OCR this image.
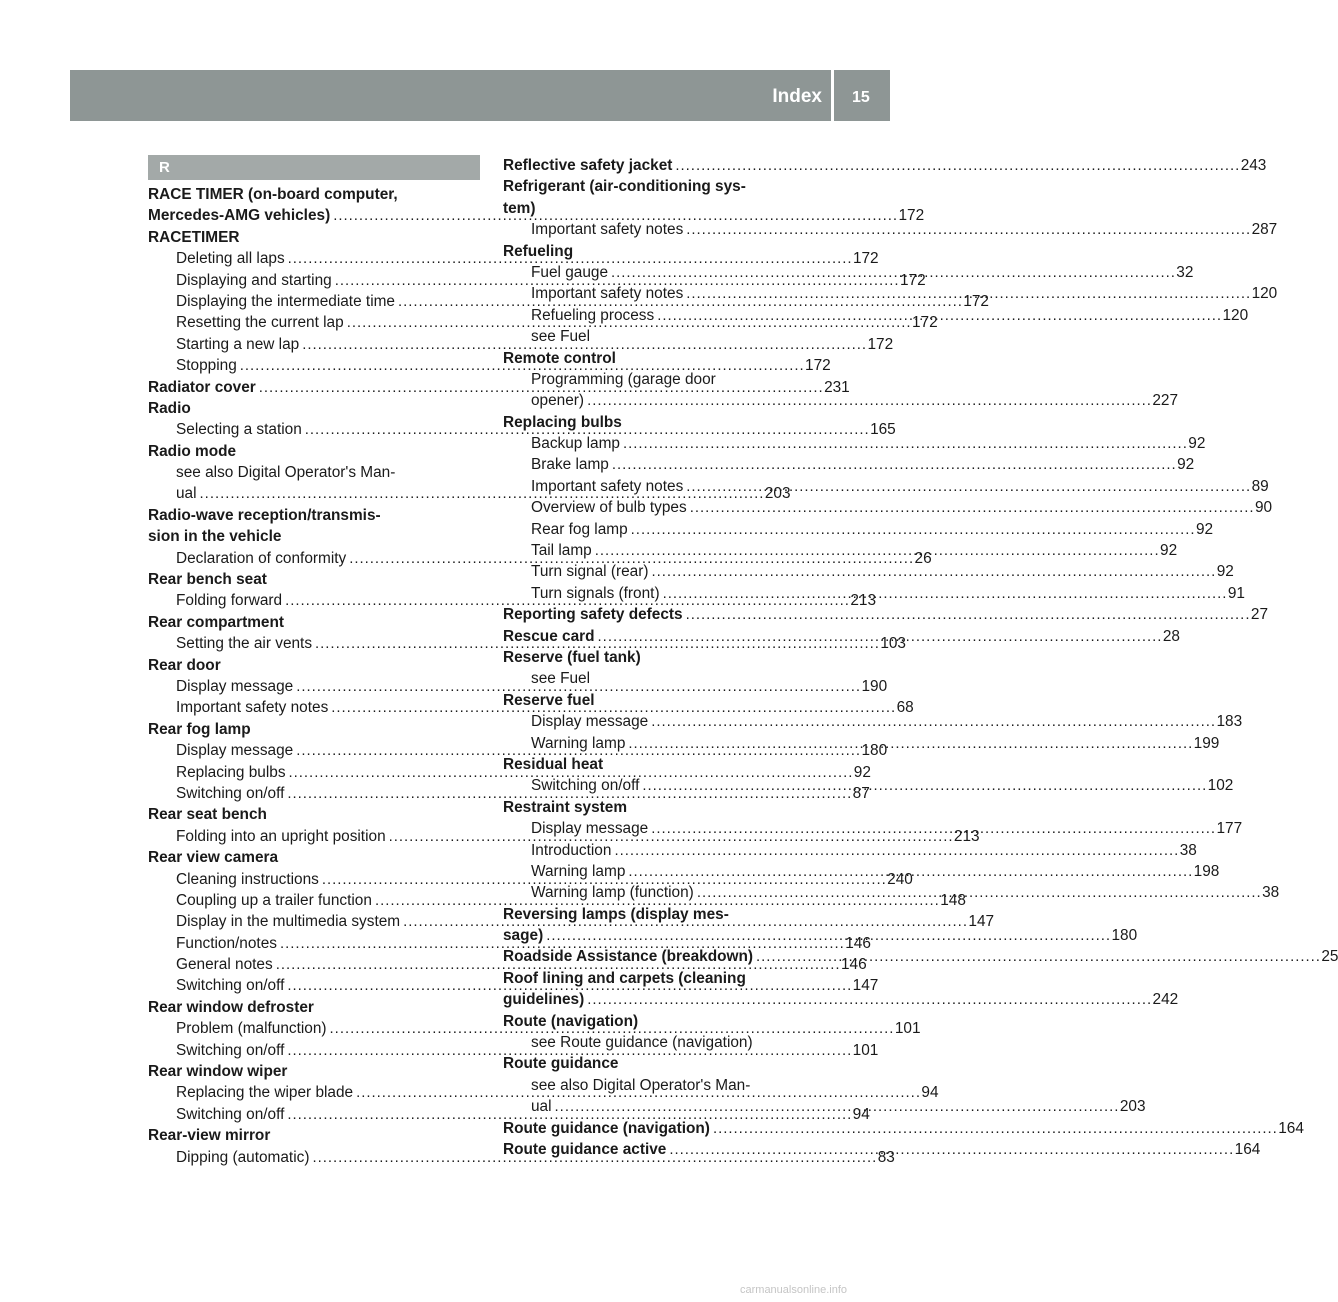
Index 15
R
RACE TIMER (on-board computer,
Mercedes-AMG vehicles) . . .	172
RACETIMER
Deleting all laps . . .	172
Displaying and starting . . .	172
Displaying the intermediate time . . .	172
Resetting the current lap . . .	172
Starting a new lap . . .	172
Stopping . . .	172
Radiator cover . . .	231
Radio
Selecting a station . . .	165
Radio mode
see also Digital Operator's Man-
ual . . .	203
Radio-wave reception/transmis-
sion in the vehicle
Declaration of conformity . . .	26
Rear bench seat
Folding forward . . .	213
Rear compartment
Setting the air vents . . .	103
Rear door
Display message . . .	190
Important safety notes . . .	68
Rear fog lamp
Display message . . .	180
Replacing bulbs . . .	92
Switching on/off . . .	87
Rear seat bench
Folding into an upright position . . .	213
Rear view camera
Cleaning instructions . . .	240
Coupling up a trailer function . . .	148
Display in the multimedia system . . .	147
Function/notes . . .	146
General notes . . .	146
Switching on/off . . .	147
Rear window defroster
Problem (malfunction) . . .	101
Switching on/off . . .	101
Rear window wiper
Replacing the wiper blade . . .	94
Switching on/off . . .	94
Rear-view mirror
Dipping (automatic) . . .	83
Reflective safety jacket . . .	243
Refrigerant (air-conditioning sys-
tem)
Important safety notes . . .	287
Refueling
Fuel gauge . . .	32
Important safety notes . . .	120
Refueling process . . .	120
see Fuel
Remote control
Programming (garage door
opener) . . .	227
Replacing bulbs
Backup lamp . . .	92
Brake lamp . . .	92
Important safety notes . . .	89
Overview of bulb types . . .	90
Rear fog lamp . . .	92
Tail lamp . . .	92
Turn signal (rear) . . .	92
Turn signals (front) . . .	91
Reporting safety defects . . .	27
Rescue card . . .	28
Reserve (fuel tank)
see Fuel
Reserve fuel
Display message . . .	183
Warning lamp . . .	199
Residual heat
Switching on/off . . .	102
Restraint system
Display message . . .	177
Introduction . . .	38
Warning lamp . . .	198
Warning lamp (function) . . .	38
Reversing lamps (display mes-
sage) . . .	180
Roadside Assistance (breakdown) . . .	25
Roof lining and carpets (cleaning
guidelines) . . .	242
Route (navigation)
see Route guidance (navigation)
Route guidance
see also Digital Operator's Man-
ual . . .	203
Route guidance (navigation) . . .	164
Route guidance active . . .	164
carmanualsonline.info
